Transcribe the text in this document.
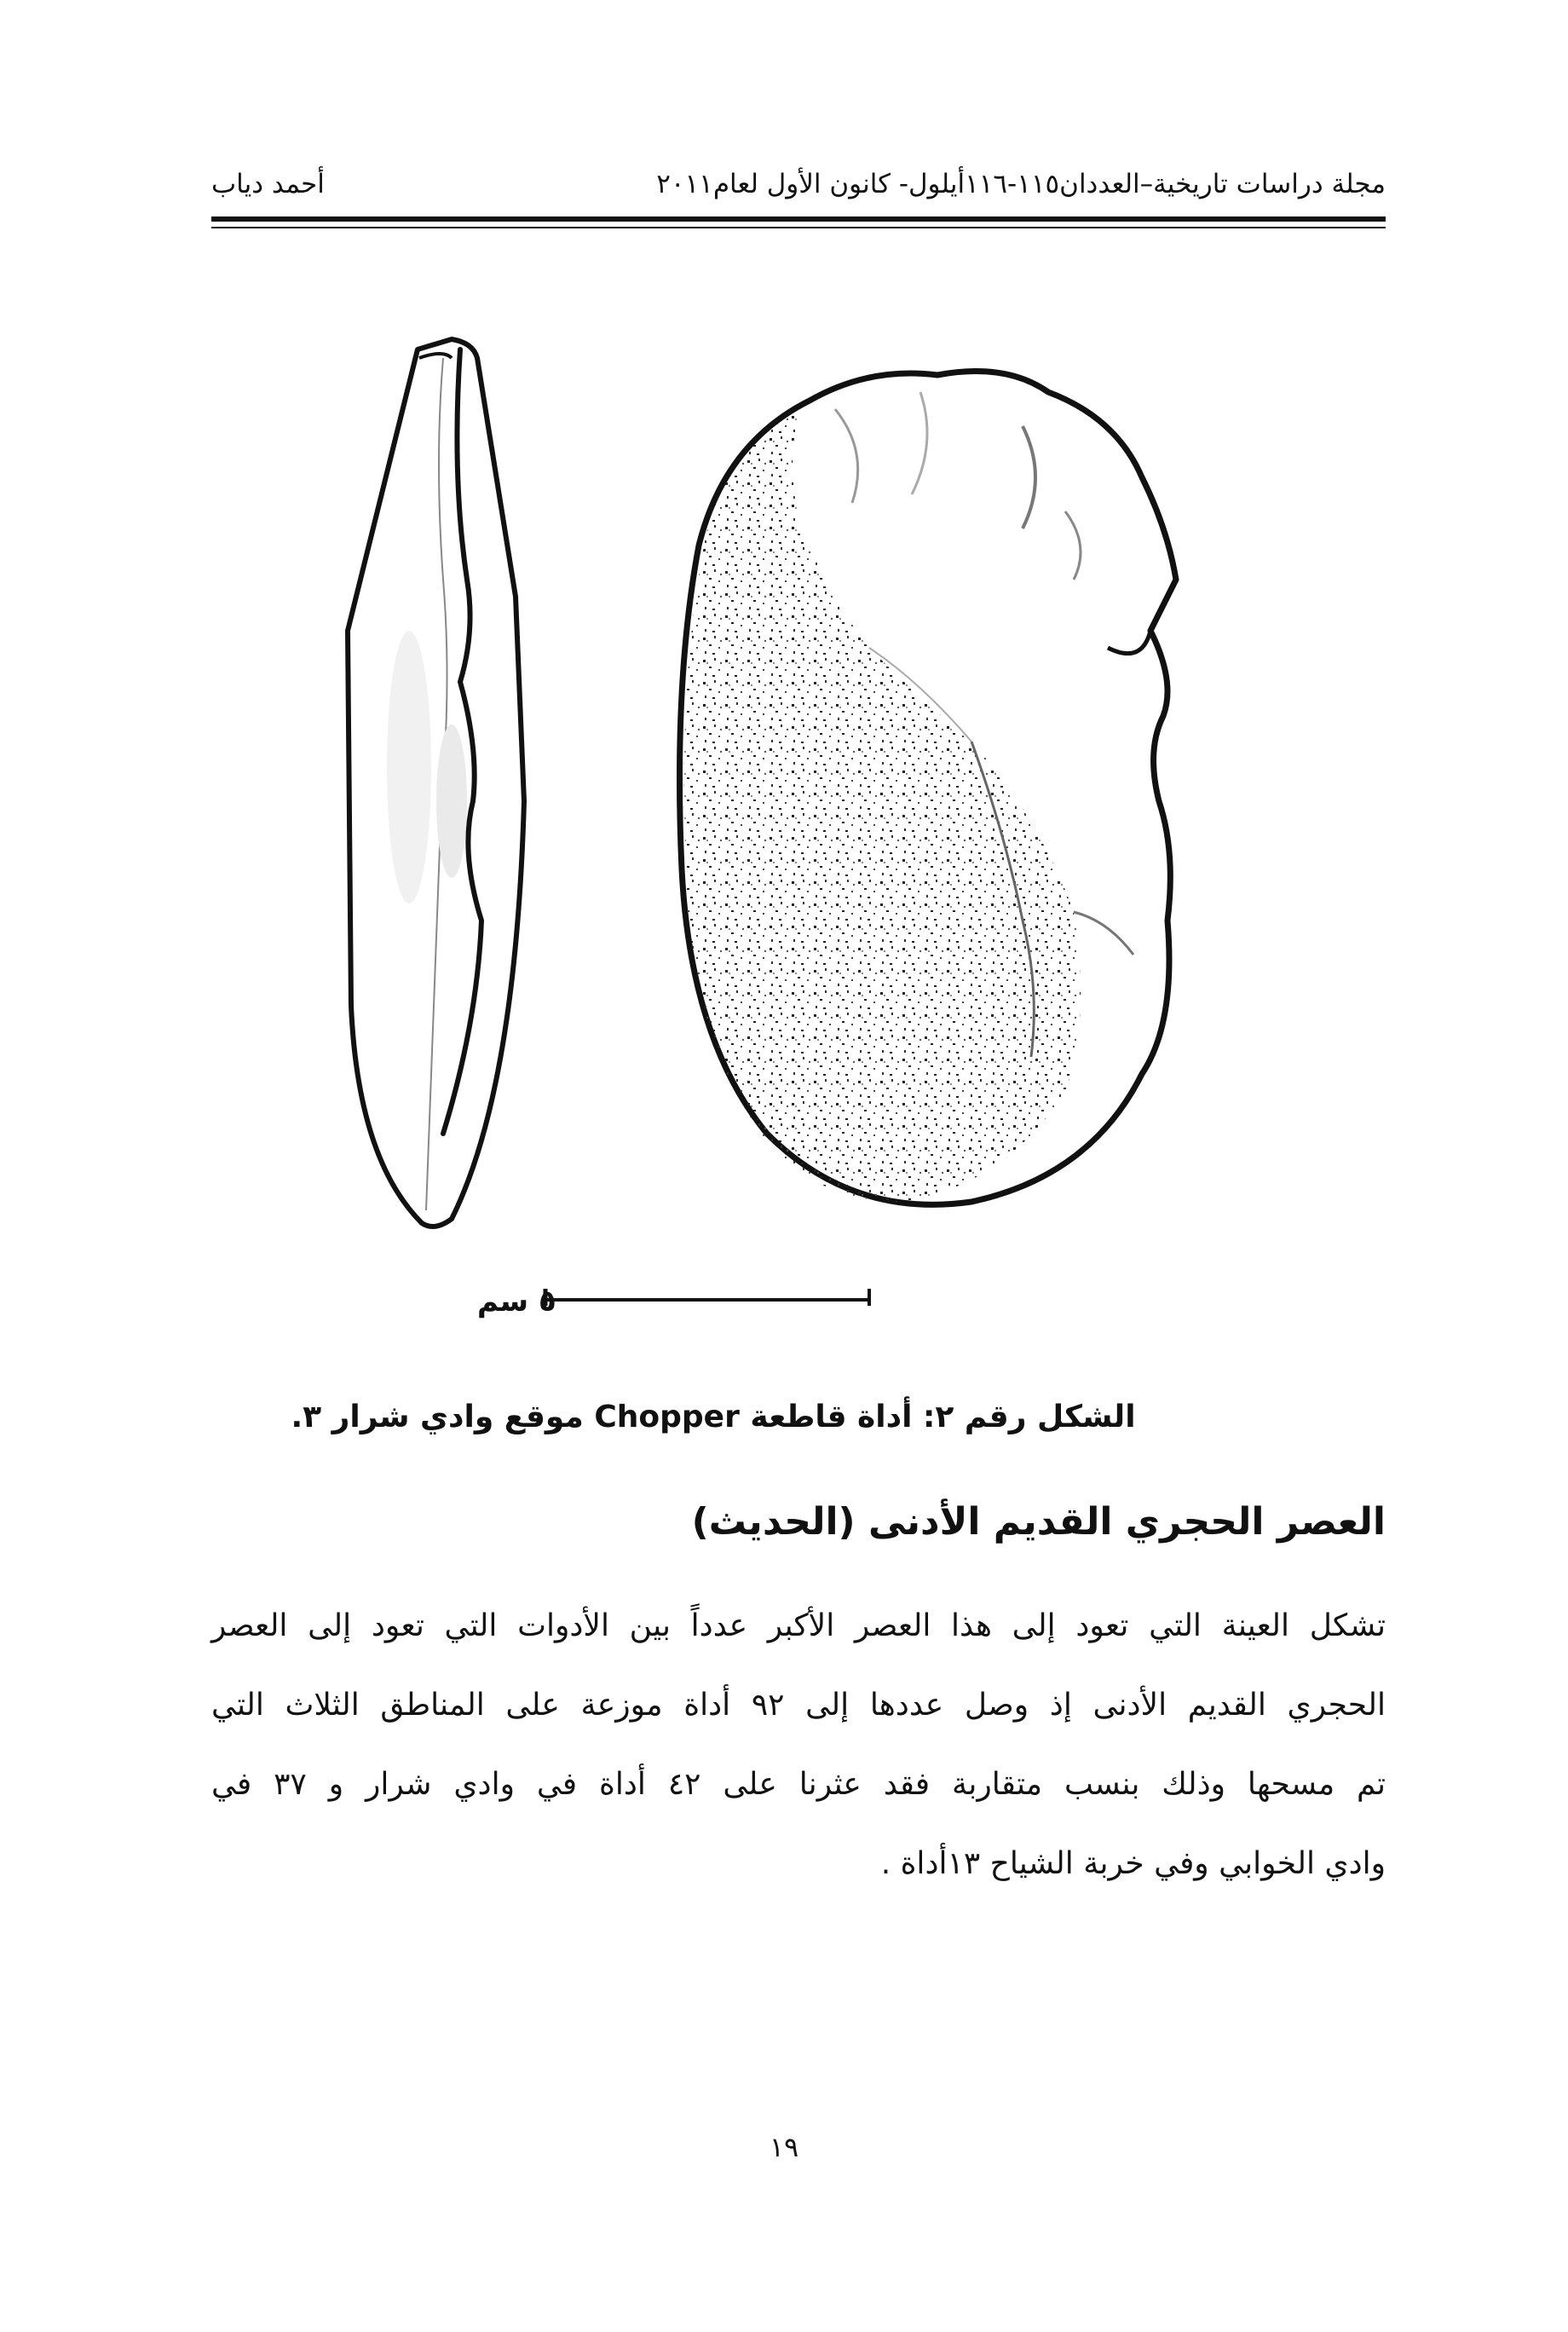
مجلة دراسات تاريخية–العددان١١٥-١١٦أيلول- كانون الأول لعام٢٠١١
أحمد دياب
٥ سم
الشكل رقم ٢: أداة قاطعة Chopper موقع وادي شرار ٣.
العصر الحجري القديم الأدنى (الحديث)
تشكل العينة التي تعود إلى هذا العصر الأكبر عدداً بين الأدوات التي تعود إلى العصر
الحجري القديم الأدنى إذ وصل عددها إلى ٩٢ أداة موزعة على المناطق الثلاث التي
تم مسحها وذلك بنسب متقاربة فقد عثرنا على ٤٢ أداة في وادي شرار و ٣٧ في
وادي الخوابي وفي خربة الشياح ١٣أداة .
١٩
